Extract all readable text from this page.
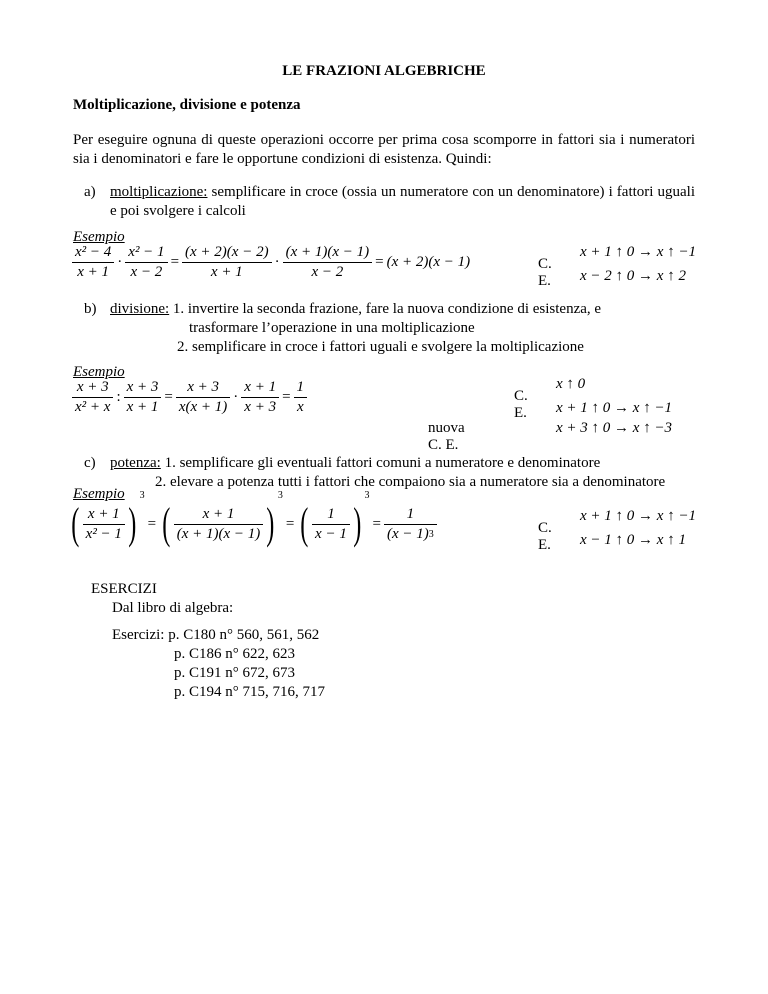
LE FRAZIONI ALGEBRICHE
Moltiplicazione, divisione e potenza
Per eseguire ognuna di queste operazioni occorre per prima cosa scomporre in fattori sia i numeratori sia i denominatori e fare le opportune condizioni di esistenza. Quindi:
a) moltiplicazione: semplificare in croce (ossia un numeratore con un denominatore) i fattori uguali e poi svolgere i calcoli
Esempio
$\frac{\text{x² − 4}}{x + 1} \cdot \frac{\text{x² − 1}}{x - 2} = \frac{(x + 2)(x - 2)}{x + 1} \cdot \frac{(x + 1)(x - 1)}{x - 2} = (x + 2)(x - 1)$	C. E.
x + 1 ↑ 0 → x ↑ −1
x − 2 ↑ 0 → x ↑ 2
b) divisione: 1. invertire la seconda frazione, fare la nuova condizione di esistenza, e
trasformare l’operazione in una moltiplicazione
2. semplificare in croce i fattori uguali e svolgere la moltiplicazione
Esempio
$\frac{x + 3}{\text{x² + x}}$ : $\frac{x + 3}{x + 1} = \frac{x + 3}{x(x + 1)} \cdot \frac{x + 1}{x + 3} = \frac{1}{x}$	C. E.
x ↑ 0
x + 1 ↑ 0 → x ↑ −1
nuova C. E.
x + 3 ↑ 0 → x ↑ −3
c) potenza: 1. semplificare gli eventuali fattori comuni a numeratore e denominatore
2. elevare a potenza tutti i fattori che compaiono sia a numeratore sia a denominatore
Esempio
( $\frac{x + 1}{\text{x² − 1}} )^3=$ ( $\frac{x + 1}{(x + 1)(x - 1)} )^3=$ ( $\frac{1}{x - 1} )^3= \frac{1}{(x - 1)^3}$	C. E.
x + 1 ↑ 0 → x ↑ −1
x − 1 ↑ 0 → x ↑ 1
ESERCIZI
Dal libro di algebra:
Esercizi: p. C180 n° 560, 561, 562
p. C186 n° 622, 623
p. C191 n° 672, 673
p. C194 n° 715, 716, 717
